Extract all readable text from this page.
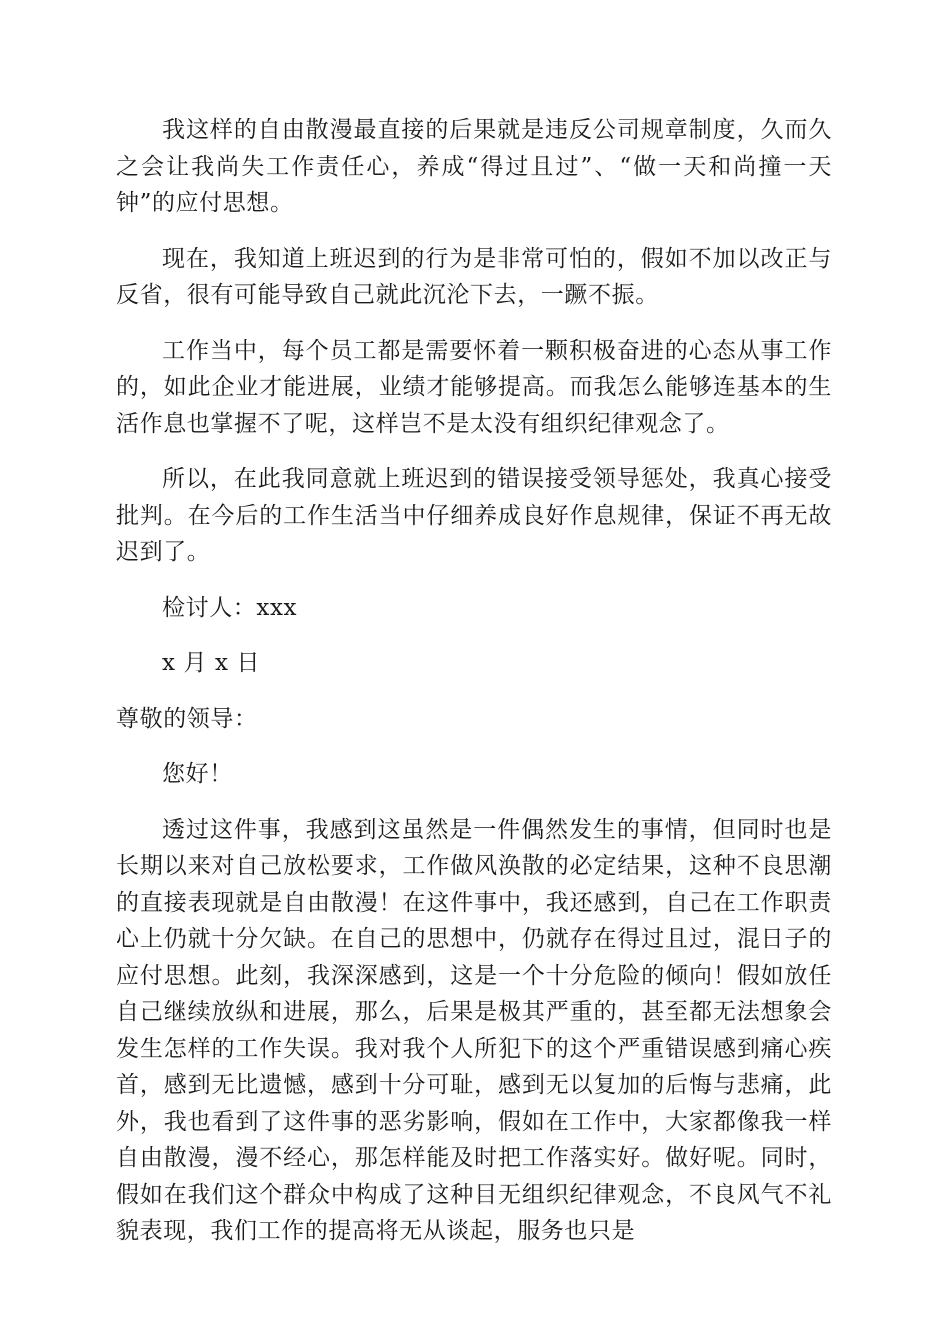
我这样的自由散漫最直接的后果就是违反公司规章制度，久而久之会让我尚失工作责任心，养成“得过且过”、“做一天和尚撞一天钟”的应付思想。

现在，我知道上班迟到的行为是非常可怕的，假如不加以改正与反省，很有可能导致自己就此沉沦下去，一蹶不振。

工作当中，每个员工都是需要怀着一颗积极奋进的心态从事工作的，如此企业才能进展，业绩才能够提高。而我怎么能够连基本的生活作息也掌握不了呢，这样岂不是太没有组织纪律观念了。

所以，在此我同意就上班迟到的错误接受领导惩处，我真心接受批判。在今后的工作生活当中仔细养成良好作息规律，保证不再无故迟到了。

检讨人：xxx

x 月 x 日

尊敬的领导：

您好！

透过这件事，我感到这虽然是一件偶然发生的事情，但同时也是长期以来对自己放松要求，工作做风涣散的必定结果，这种不良思潮的直接表现就是自由散漫！在这件事中，我还感到，自己在工作职责心上仍就十分欠缺。在自己的思想中，仍就存在得过且过，混日子的应付思想。此刻，我深深感到，这是一个十分危险的倾向！假如放任自己继续放纵和进展，那么，后果是极其严重的，甚至都无法想象会发生怎样的工作失误。我对我个人所犯下的这个严重错误感到痛心疾首，感到无比遗憾，感到十分可耻，感到无以复加的后悔与悲痛，此外，我也看到了这件事的恶劣影响，假如在工作中，大家都像我一样自由散漫，漫不经心，那怎样能及时把工作落实好。做好呢。同时，假如在我们这个群众中构成了这种目无组织纪律观念，不良风气不礼貌表现，我们工作的提高将无从谈起，服务也只是
